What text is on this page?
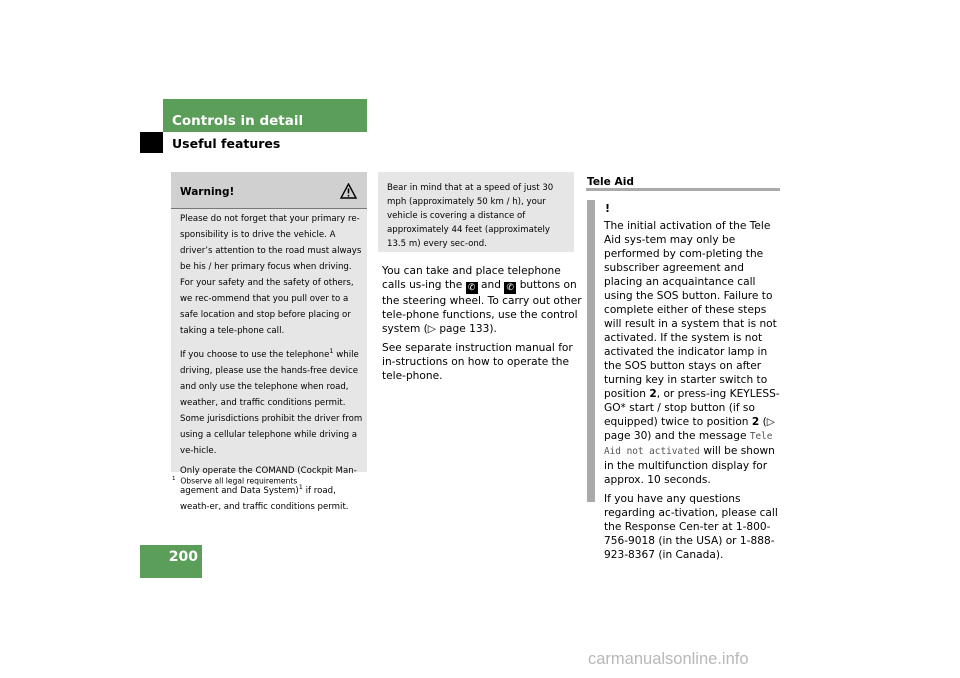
Controls in detail
Useful features
200
Warning!

Please do not forget that your primary re-sponsibility is to drive the vehicle. A driver’s attention to the road must always be his / her primary focus when driving. For your safety and the safety of others, we rec-ommend that you pull over to a safe location and stop before placing or taking a tele-phone call.

If you choose to use the telephone$^1$ while driving, please use the hands-free device and only use the telephone when road, weather, and traffic conditions permit. Some jurisdictions prohibit the driver from using a cellular telephone while driving a ve-hicle.

Only operate the COMAND (Cockpit Man-agement and Data System)$^1$ if road, weath-er, and traffic conditions permit.

$^1$ Observe all legal requirements
Bear in mind that at a speed of just 30 mph (approximately 50 km / h), your vehicle is covering a distance of approximately 44 feet (approximately 13.5 m) every sec-ond.

You can take and place telephone calls us-ing the ✆ and ✆ buttons on the steering wheel. To carry out other tele-phone functions, use the control system (▷ page 133).

See separate instruction manual for in-structions on how to operate the tele-phone.

Tele Aid
!

The initial activation of the Tele Aid sys-tem may only be performed by com-pleting the subscriber agreement and placing an acquaintance call using the SOS button. Failure to complete either of these steps will result in a system that is not activated. If the system is not activated the indicator lamp in the SOS button stays on after turning key in starter switch to position 2, or press-ing KEYLESS-GO* start / stop button (if so equipped) twice to position 2 (▷ page 30) and the message Tele Aid not activated will be shown in the multifunction display for approx. 10 seconds.

If you have any questions regarding ac-tivation, please call the Response Cen-ter at 1-800-756-9018 (in the USA) or 1-888-923-8367 (in Canada).

carmanualsonline.info
